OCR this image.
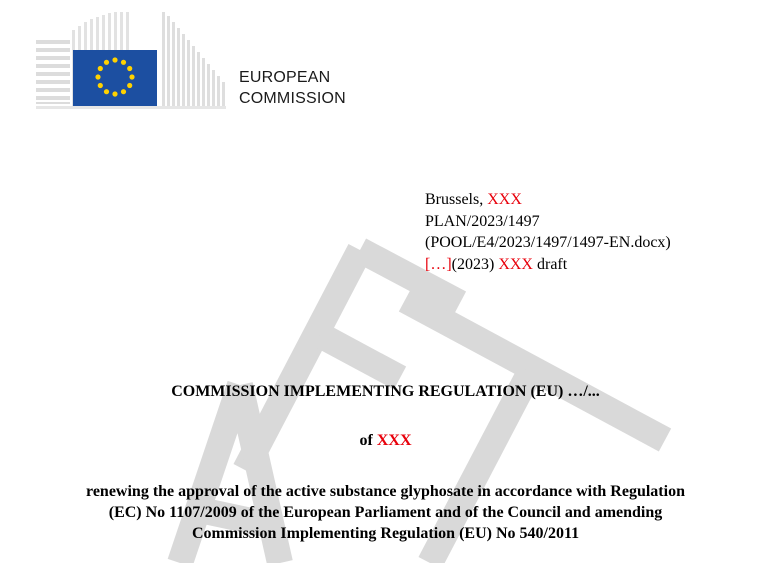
EUROPEAN
COMMISSION
Brussels, XXX
PLAN/2023/1497
(POOL/E4/2023/1497/1497-EN.docx)
[…](2023) XXX draft
COMMISSION IMPLEMENTING REGULATION (EU) …/...
of XXX
renewing the approval of the active substance glyphosate in accordance with Regulation
(EC) No 1107/2009 of the European Parliament and of the Council and amending
Commission Implementing Regulation (EU) No 540/2011
